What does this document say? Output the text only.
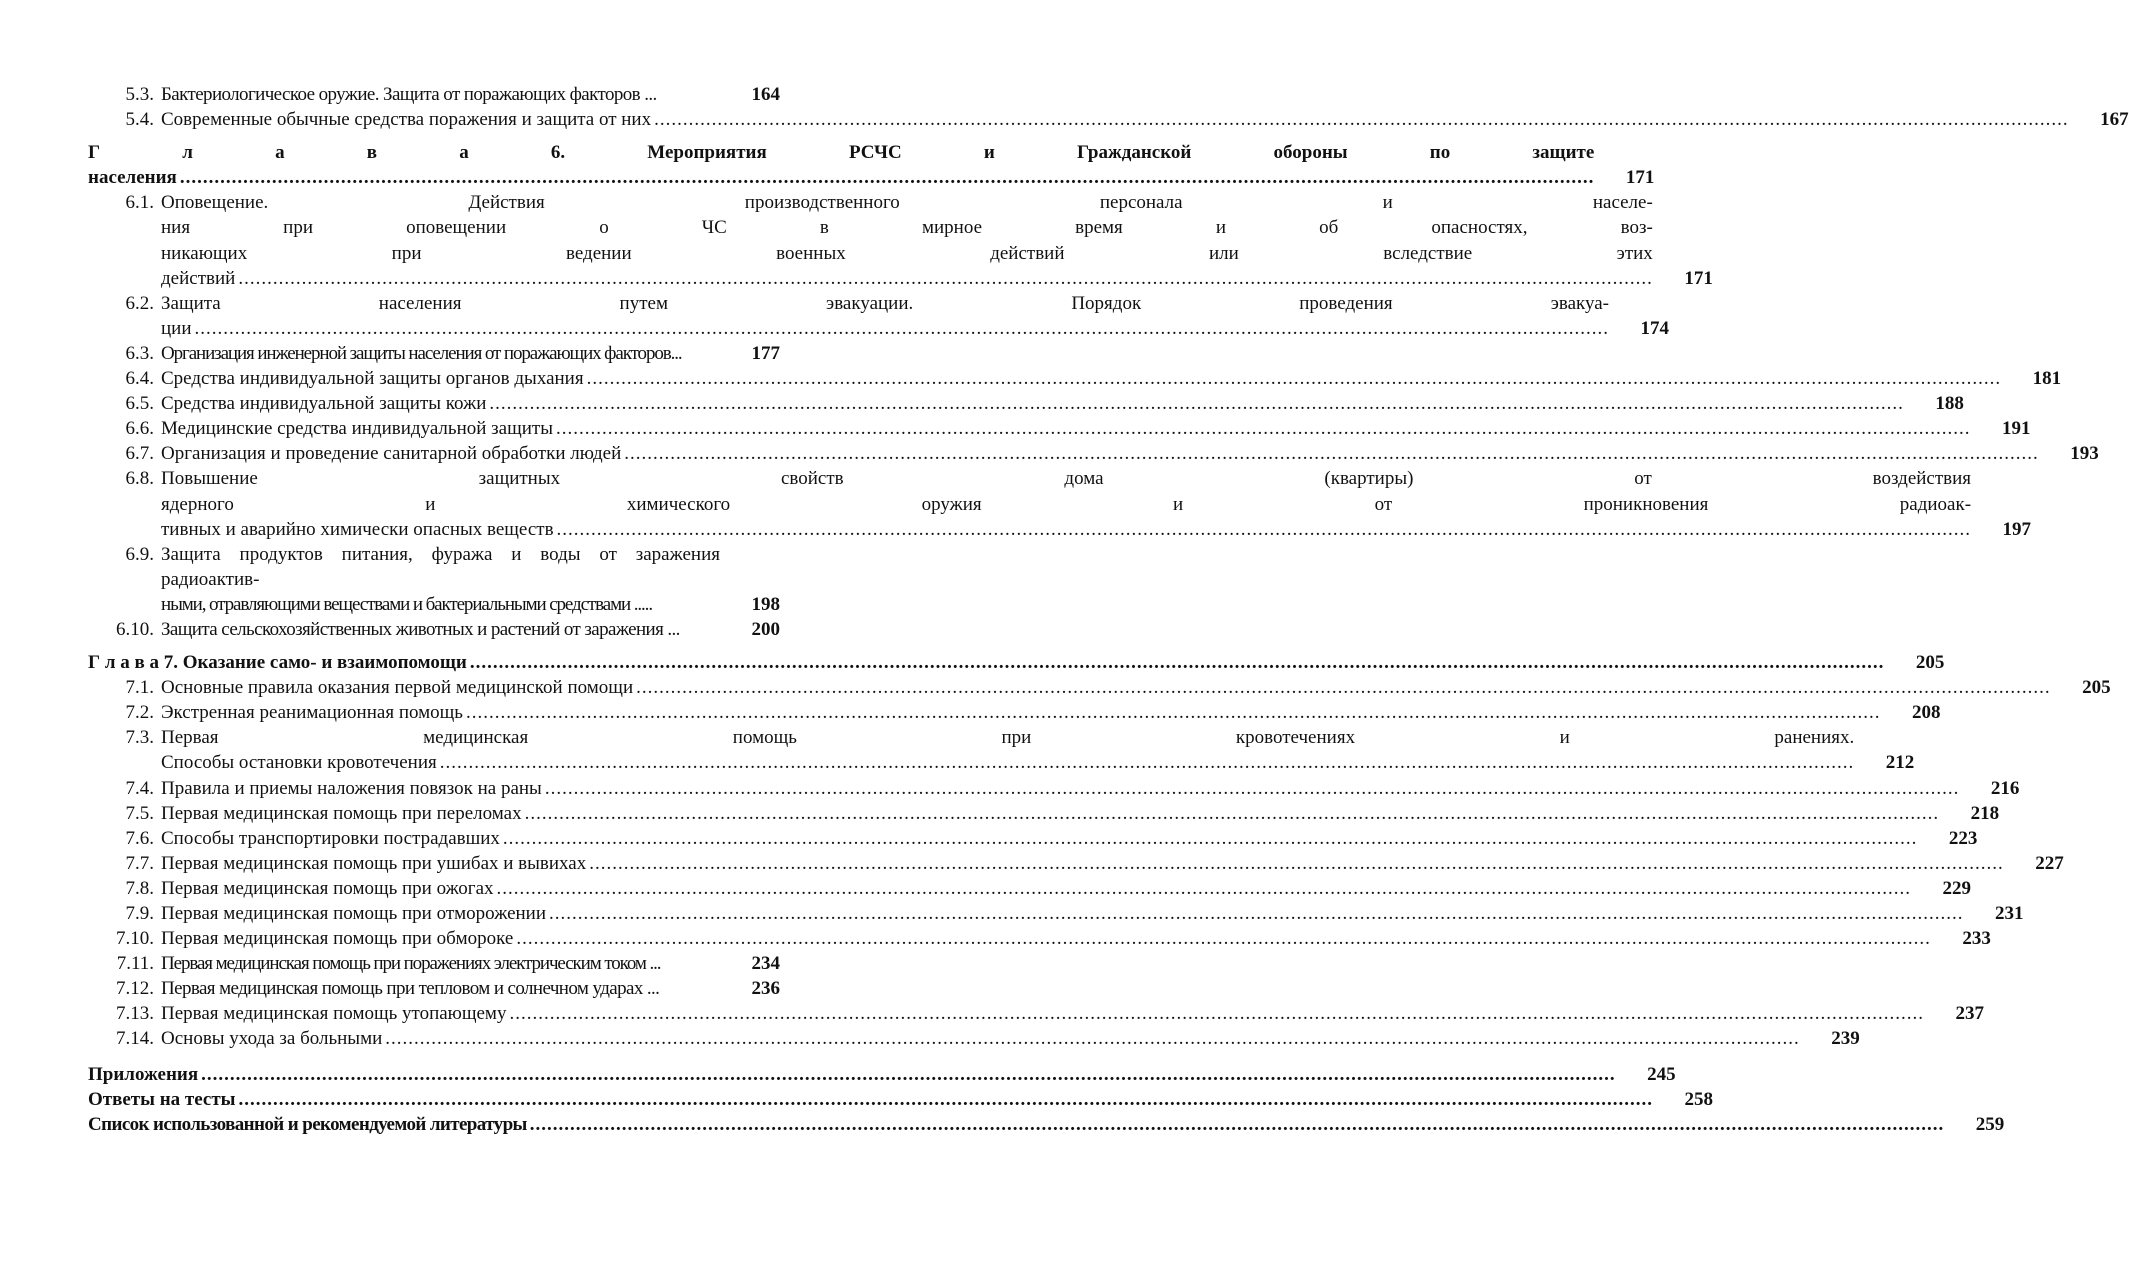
5.3. Бактериологическое оружие. Защита от поражающих факторов ...	164
5.4. Современные обычные средства поражения и защита от них .....	167
Г л а в а 6. Мероприятия РСЧС и Гражданской обороны по защите
населения .....	171
6.1. Оповещение. Действия производственного персонала и населе-
ния при оповещении о ЧС в мирное время и об опасностях, воз-
никающих при ведении военных действий или вследствие этих
действий .....	171
6.2. Защита населения путем эвакуации. Порядок проведения эвакуа-
ции .....	174
6.3. Организация инженерной защиты населения от поражающих факторов...	177
6.4. Средства индивидуальной защиты органов дыхания .....	181
6.5. Средства индивидуальной защиты кожи .....	188
6.6. Медицинские средства индивидуальной защиты .....	191
6.7. Организация и проведение санитарной обработки людей .....	193
6.8. Повышение защитных свойств дома (квартиры) от воздействия
ядерного и химического оружия и от проникновения радиоак-
тивных и аварийно химически опасных веществ .....	197
6.9. Защита продуктов питания, фуража и воды от заражения радиоактив-
ными, отравляющими веществами и бактериальными средствами .....	198
6.10. Защита сельскохозяйственных животных и растений от заражения ...	200
Г л а в а 7. Оказание само- и взаимопомощи .....	205
7.1. Основные правила оказания первой медицинской помощи .....	205
7.2. Экстренная реанимационная помощь .....	208
7.3. Первая медицинская помощь при кровотечениях и ранениях.
Способы остановки кровотечения .....	212
7.4. Правила и приемы наложения повязок на раны .....	216
7.5. Первая медицинская помощь при переломах .....	218
7.6. Способы транспортировки пострадавших .....	223
7.7. Первая медицинская помощь при ушибах и вывихах .....	227
7.8. Первая медицинская помощь при ожогах .....	229
7.9. Первая медицинская помощь при отморожении .....	231
7.10. Первая медицинская помощь при обмороке .....	233
7.11. Первая медицинская помощь при поражениях электрическим током ...	234
7.12. Первая медицинская помощь при тепловом и солнечном ударах ...	236
7.13. Первая медицинская помощь утопающему .....	237
7.14. Основы ухода за больными .....	239
Приложения .....	245
Ответы на тесты .....	258
Список использованной и рекомендуемой литературы .....	259
